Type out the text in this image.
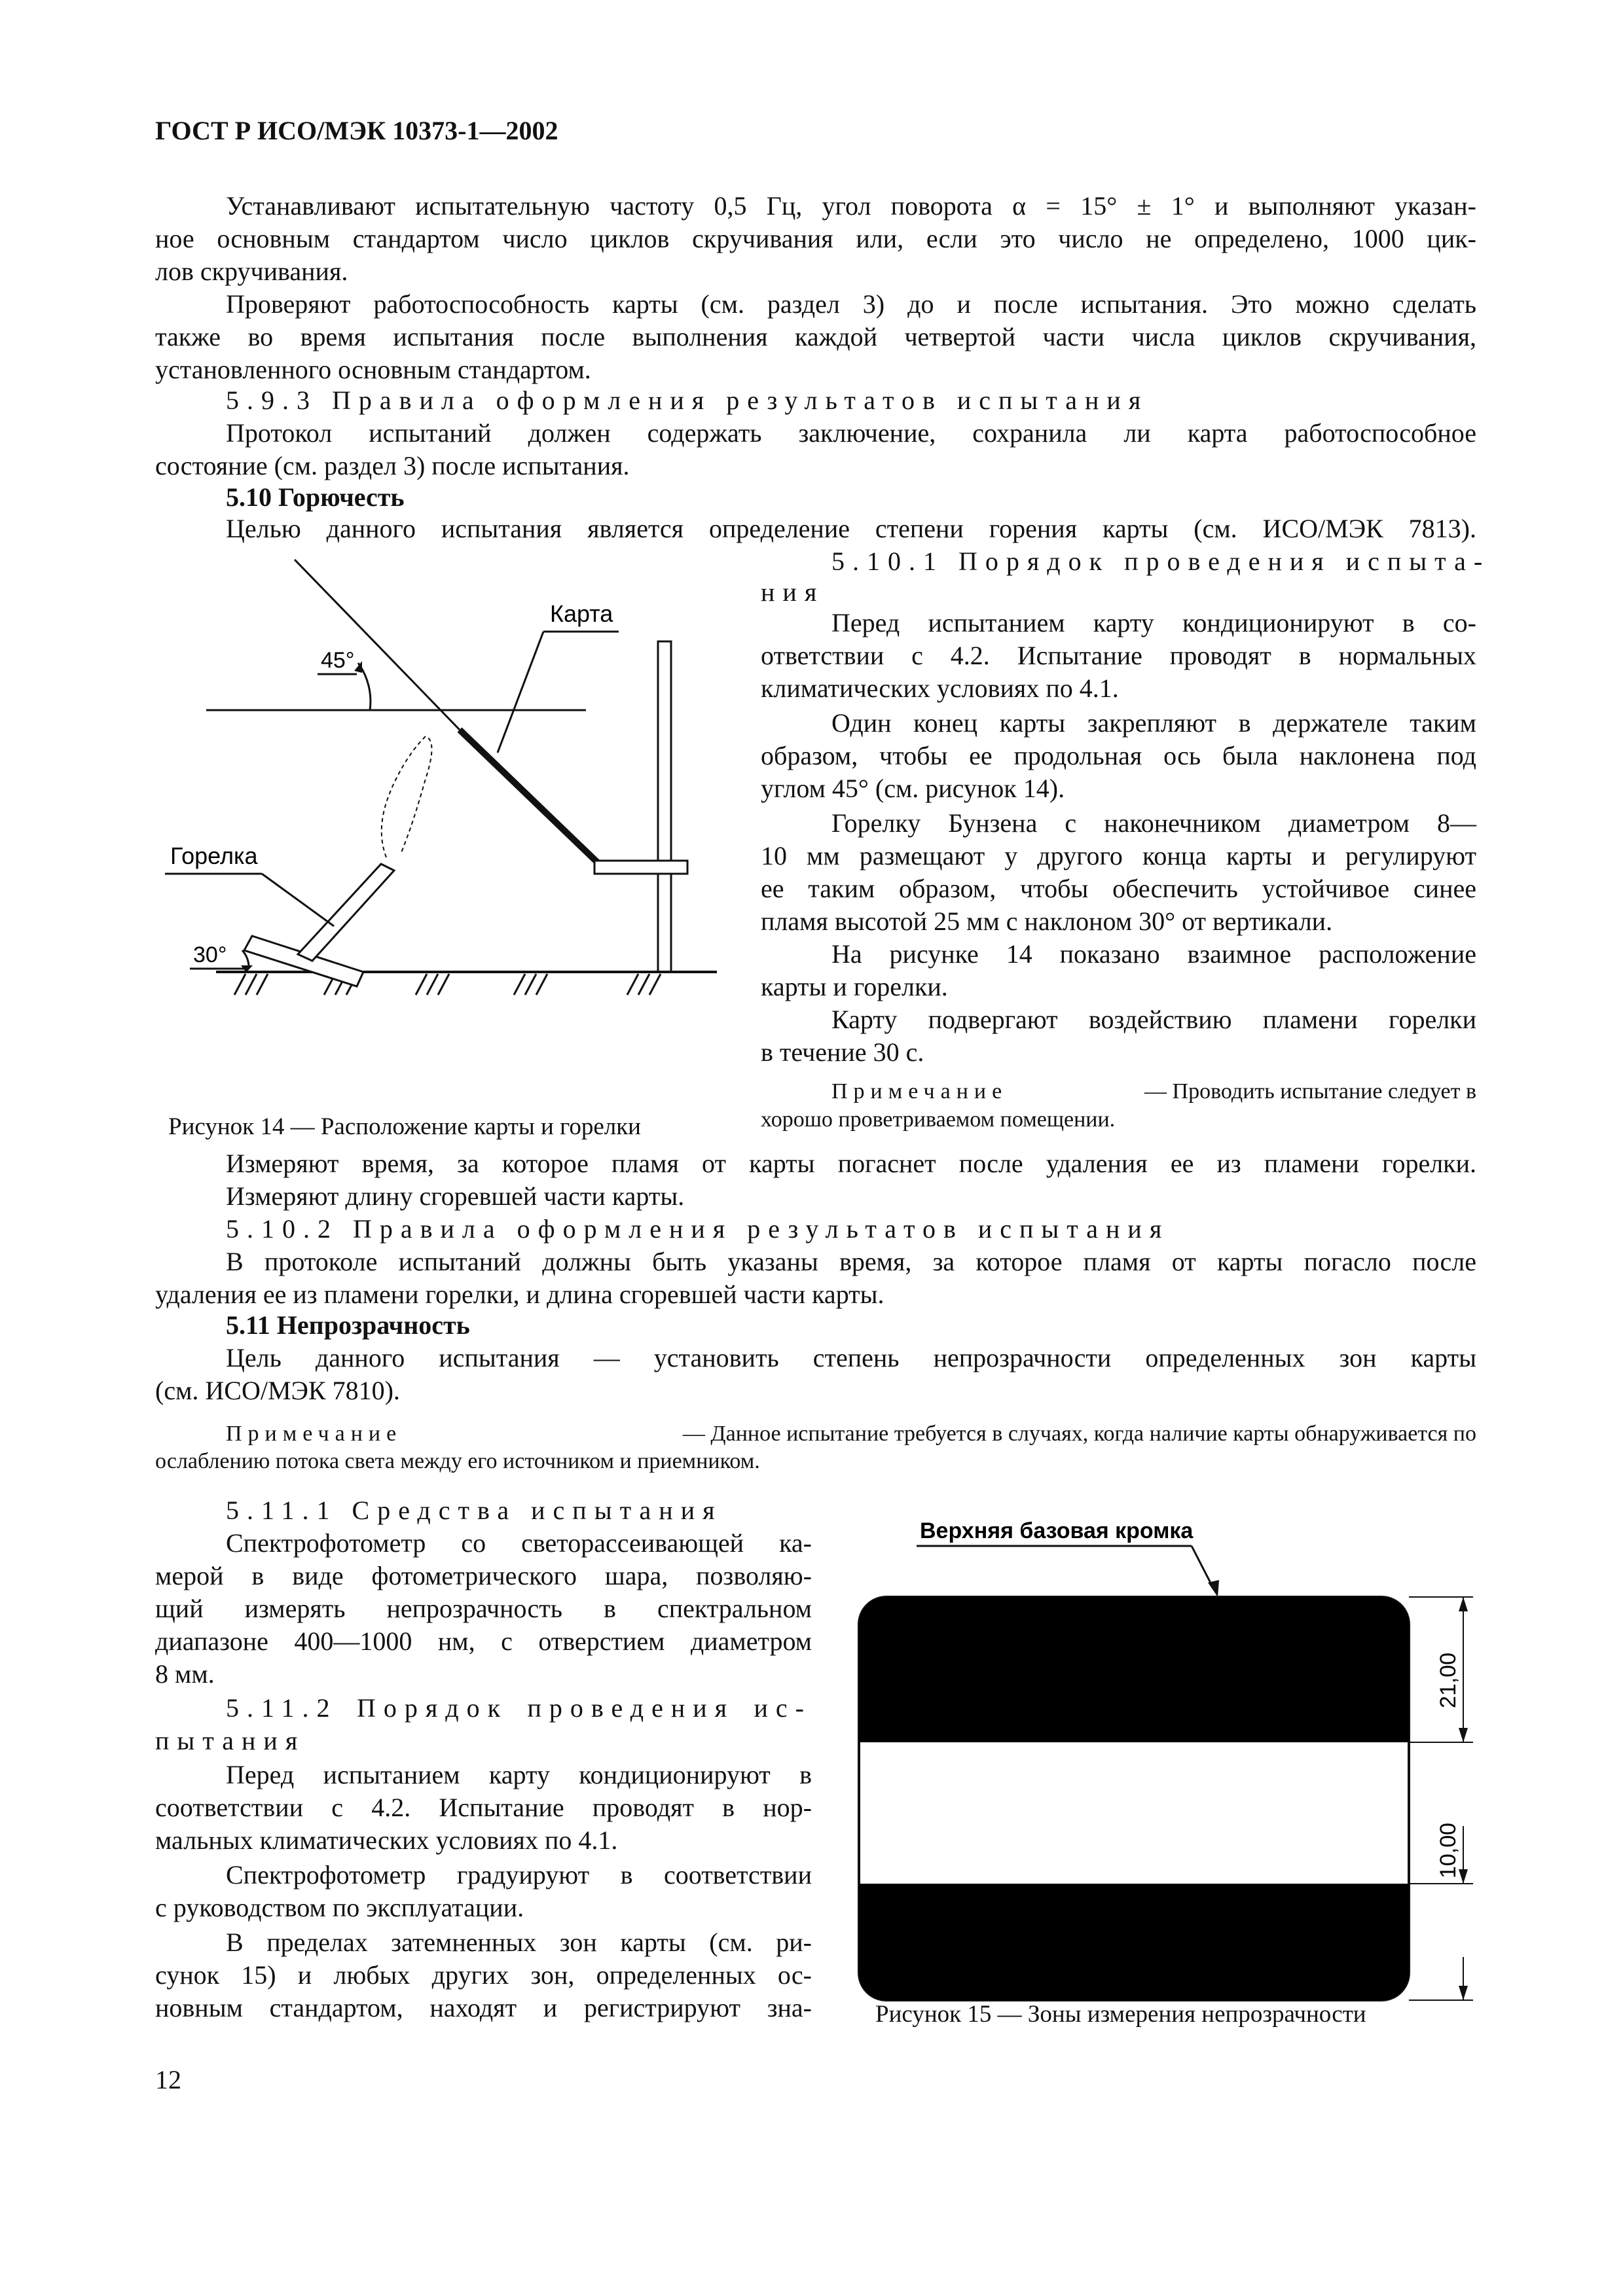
ГОСТ Р ИСО/МЭК 10373-1—2002
Устанавливают испытательную частоту 0,5 Гц, угол поворота α = 15° ± 1° и выполняют указан-
ное основным стандартом число циклов скручивания или, если это число не определено, 1000 цик-
лов скручивания.
Проверяют работоспособность карты (см. раздел 3) до и после испытания. Это можно сделать
также во время испытания после выполнения каждой четвертой части числа циклов скручивания,
установленного основным стандартом.
5.9.3 Правила оформления результатов испытания
Протокол испытаний должен содержать заключение, сохранила ли карта работоспособное
состояние (см. раздел 3) после испытания.
5.10 Горючесть
Целью данного испытания является определение степени горения карты (см. ИСО/МЭК 7813).
5.10.1 Порядок проведения испыта-
ния
Перед испытанием карту кондиционируют в со-
ответствии с 4.2. Испытание проводят в нормальных
климатических условиях по 4.1.
Один конец карты закрепляют в держателе таким
образом, чтобы ее продольная ось была наклонена под
углом 45° (см. рисунок 14).
Горелку Бунзена с наконечником диаметром 8—
10 мм размещают у другого конца карты и регулируют
ее таким образом, чтобы обеспечить устойчивое синее
пламя высотой 25 мм с наклоном 30° от вертикали.
На рисунке 14 показано взаимное расположение
карты и горелки.
Карту подвергают воздействию пламени горелки
в течение 30 с.
Примечание	— Проводить испытание следует в
хорошо проветриваемом помещении.
45°
Карта
Горелка
30°
Рисунок 14 — Расположение карты и горелки
Измеряют время, за которое пламя от карты погаснет после удаления ее из пламени горелки.
Измеряют длину сгоревшей части карты.
5.10.2 Правила оформления результатов испытания
В протоколе испытаний должны быть указаны время, за которое пламя от карты погасло после
удаления ее из пламени горелки, и длина сгоревшей части карты.
5.11 Непрозрачность
Цель данного испытания — установить степень непрозрачности определенных зон карты
(см. ИСО/МЭК 7810).
Примечание	— Данное испытание требуется в случаях, когда наличие карты обнаруживается по
ослаблению потока света между его источником и приемником.
5.11.1 Средства испытания
Спектрофотометр со светорассеивающей ка-
мерой в виде фотометрического шара, позволяю-
щий измерять непрозрачность в спектральном
диапазоне 400—1000 нм, с отверстием диаметром
8 мм.
5.11.2 Порядок проведения ис-
пытания
Перед испытанием карту кондиционируют в
соответствии с 4.2. Испытание проводят в нор-
мальных климатических условиях по 4.1.
Спектрофотометр градуируют в соответствии
с руководством по эксплуатации.
В пределах затемненных зон карты (см. ри-
сунок 15) и любых других зон, определенных ос-
новным стандартом, находят и регистрируют зна-
Верхняя базовая кромка
21,00
10,00
Рисунок 15 — Зоны измерения непрозрачности
12
